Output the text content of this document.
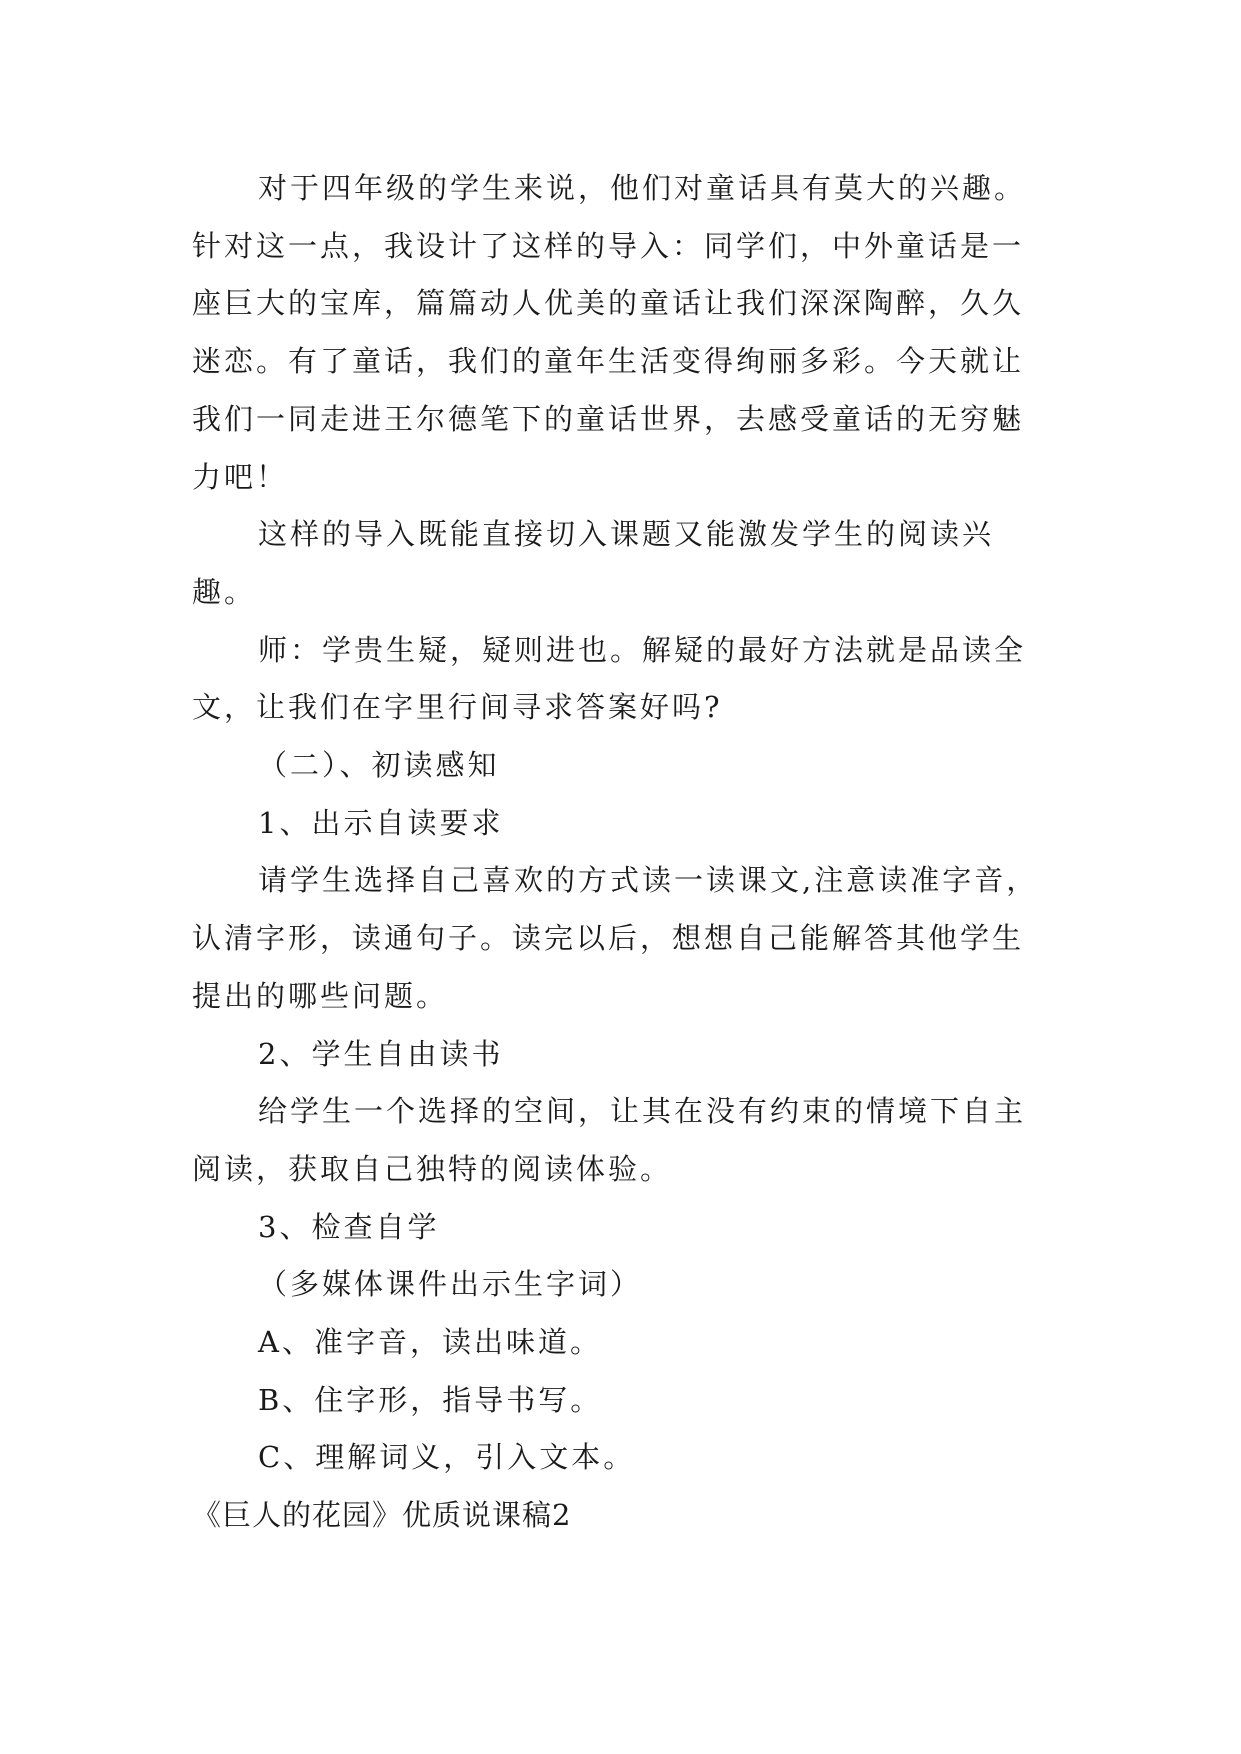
对于四年级的学生来说，他们对童话具有莫大的兴趣。

针对这一点，我设计了这样的导入：同学们，中外童话是一

座巨大的宝库，篇篇动人优美的童话让我们深深陶醉，久久

迷恋。有了童话，我们的童年生活变得绚丽多彩。今天就让

我们一同走进王尔德笔下的童话世界，去感受童话的无穷魅

力吧！

这样的导入既能直接切入课题又能激发学生的阅读兴

趣。

师：学贵生疑，疑则进也。解疑的最好方法就是品读全

文，让我们在字里行间寻求答案好吗?

（二）、初读感知

1、出示自读要求

请学生选择自己喜欢的方式读一读课文,注意读准字音，

认清字形，读通句子。读完以后，想想自己能解答其他学生

提出的哪些问题。

2、学生自由读书

给学生一个选择的空间，让其在没有约束的情境下自主

阅读，获取自己独特的阅读体验。

3、检查自学

（多媒体课件出示生字词）

A、准字音，读出味道。

B、住字形，指导书写。

C、理解词义，引入文本。

《巨人的花园》优质说课稿2
